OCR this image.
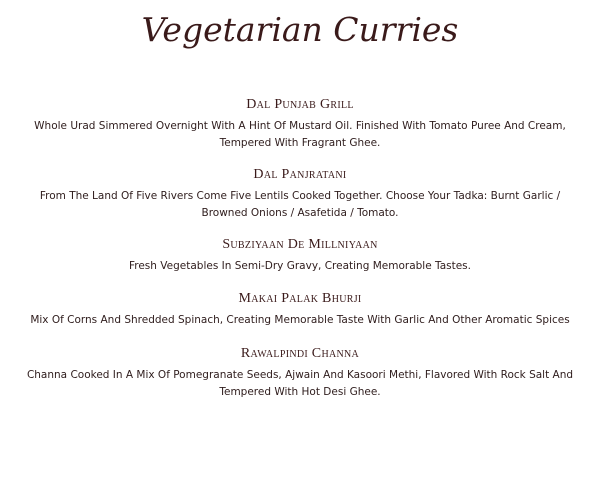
Vegetarian Curries

Dal Punjab Grill

Whole Urad Simmered Overnight With A Hint Of Mustard Oil. Finished With Tomato Puree And Cream, Tempered With Fragrant Ghee.

Dal Panjratani

From The Land Of Five Rivers Come Five Lentils Cooked Together. Choose Your Tadka: Burnt Garlic / Browned Onions / Asafetida / Tomato.

Subziyaan De Millniyaan

Fresh Vegetables In Semi-Dry Gravy, Creating Memorable Tastes.

Makai Palak Bhurji

Mix Of Corns And Shredded Spinach, Creating Memorable Taste With Garlic And Other Aromatic Spices

Rawalpindi Channa

Channa Cooked In A Mix Of Pomegranate Seeds, Ajwain And Kasoori Methi, Flavored With Rock Salt And Tempered With Hot Desi Ghee.
